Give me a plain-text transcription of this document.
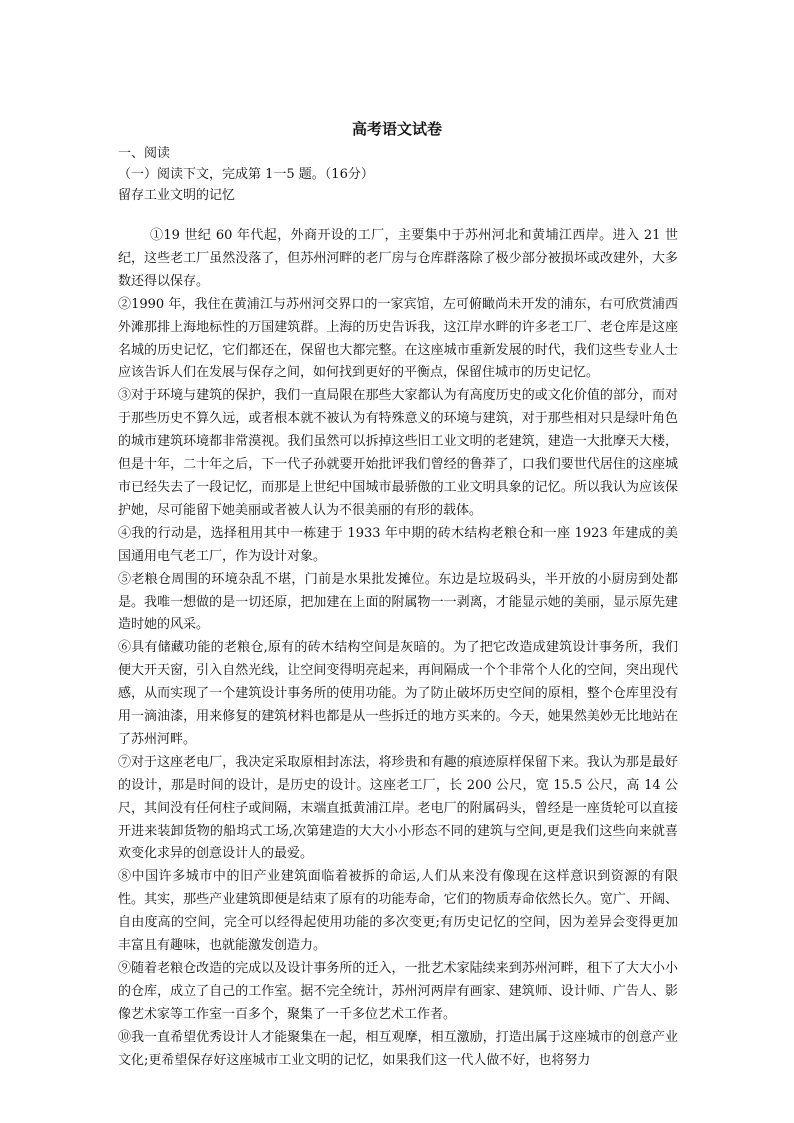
高考语文试卷
一、阅读
（一）阅读下文，完成第 1一5 题。（16分）
留存工业文明的记忆

①19 世纪 60 年代起，外商开设的工厂，主要集中于苏州河北和黄埔江西岸。进入 21 世纪，这些老工厂虽然没落了，但苏州河畔的老厂房与仓库群落除了极少部分被损坏或改建外，大多数还得以保存。

②1990 年，我住在黄浦江与苏州河交界口的一家宾馆，左可俯瞰尚未开发的浦东，右可欣赏浦西外滩那排上海地标性的万国建筑群。上海的历史告诉我，这江岸水畔的许多老工厂、老仓库是这座名城的历史记忆，它们都还在，保留也大都完整。在这座城市重新发展的时代，我们这些专业人士应该告诉人们在发展与保存之间，如何找到更好的平衡点，保留住城市的历史记忆。

③对于环境与建筑的保护，我们一直局限在那些大家都认为有高度历史的或文化价值的部分，而对于那些历史不算久远，或者根本就不被认为有特殊意义的环境与建筑，对于那些相对只是绿叶角色的城市建筑环境都非常漠视。我们虽然可以拆掉这些旧工业文明的老建筑，建造一大批摩天大楼，但是十年，二十年之后，下一代子孙就要开始批评我们曾经的鲁莽了，口我们要世代居住的这座城市已经失去了一段记忆，而那是上世纪中国城市最骄傲的工业文明具象的记忆。所以我认为应该保护她，尽可能留下她美丽或者被人认为不很美丽的有形的载体。

④我的行动是，选择租用其中一栋建于 1933 年中期的砖木结构老粮仓和一座 1923 年建成的美国通用电气老工厂，作为设计对象。

⑤老粮仓周围的环境杂乱不堪，门前是水果批发摊位。东边是垃圾码头，半开放的小厨房到处都是。我唯一想做的是一切还原，把加建在上面的附属物一一剥离，才能显示她的美丽，显示原先建造时她的风采。

⑥具有储藏功能的老粮仓,原有的砖木结构空间是灰暗的。为了把它改造成建筑设计事务所，我们便大开天窗，引入自然光线，让空间变得明亮起来，再间隔成一个个非常个人化的空间，突出现代感，从而实现了一个建筑设计事务所的使用功能。为了防止破坏历史空间的原相，整个仓库里没有用一滴油漆，用来修复的建筑材料也都是从一些拆迁的地方买来的。今天，她果然美妙无比地站在了苏州河畔。

⑦对于这座老电厂，我决定采取原相封冻法，将珍贵和有趣的痕迹原样保留下来。我认为那是最好的设计，那是时间的设计，是历史的设计。这座老工厂，长 200 公尺，宽 15.5 公尺，高 14 公尺，其间没有任何柱子或间隔，末端直抵黄浦江岸。老电厂的附属码头，曾经是一座货轮可以直接开进来装卸货物的船坞式工场,次第建造的大大小小形态不同的建筑与空间,更是我们这些向来就喜欢变化求异的创意设计人的最爱。

⑧中国许多城市中的旧产业建筑面临着被拆的命运,人们从来没有像现在这样意识到资源的有限性。其实，那些产业建筑即便是结束了原有的功能寿命，它们的物质寿命依然长久。宽广、开阔、自由度高的空间，完全可以经得起使用功能的多次变更;有历史记忆的空间，因为差异会变得更加丰富且有趣味，也就能激发创造力。

⑨随着老粮仓改造的完成以及设计事务所的迁入，一批艺术家陆续来到苏州河畔，租下了大大小小的仓库，成立了自己的工作室。据不完全统计，苏州河两岸有画家、建筑师、设计师、广告人、影像艺术家等工作室一百多个，聚集了一千多位艺术工作者。

⑩我一直希望优秀设计人才能聚集在一起，相互观摩，相互激励，打造出属于这座城市的创意产业文化;更希望保存好这座城市工业文明的记忆，如果我们这一代人做不好，也将努力
